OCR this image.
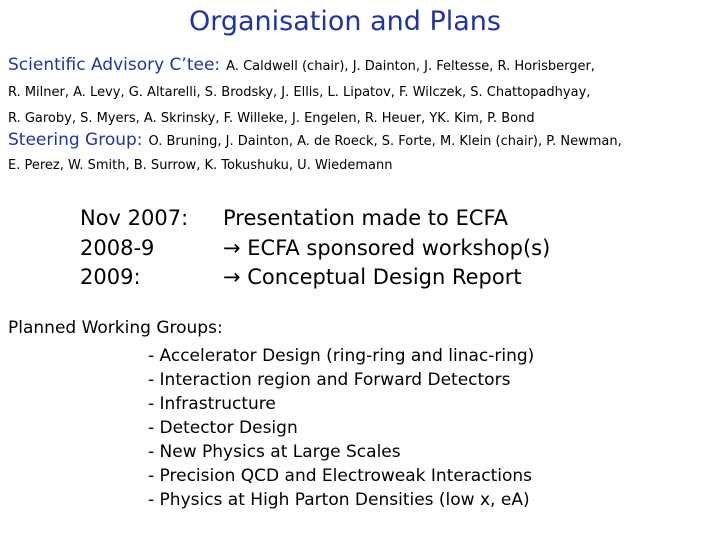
Organisation and Plans
Scientific Advisory C’tee: A. Caldwell (chair), J. Dainton, J. Feltesse, R. Horisberger,
R. Milner, A. Levy, G. Altarelli, S. Brodsky, J. Ellis, L. Lipatov, F. Wilczek, S. Chattopadhyay,
R. Garoby, S. Myers, A. Skrinsky, F. Willeke, J. Engelen, R. Heuer, YK. Kim, P. Bond
Steering Group: O. Bruning, J. Dainton, A. de Roeck, S. Forte, M. Klein (chair), P. Newman,
E. Perez, W. Smith, B. Surrow, K. Tokushuku, U. Wiedemann
Nov 2007:	Presentation made to ECFA
2008-9	→ ECFA sponsored workshop(s)
2009:	→ Conceptual Design Report
Planned Working Groups:
- Accelerator Design (ring-ring and linac-ring)
- Interaction region and Forward Detectors
- Infrastructure
- Detector Design
- New Physics at Large Scales
- Precision QCD and Electroweak Interactions
- Physics at High Parton Densities (low x, eA)
